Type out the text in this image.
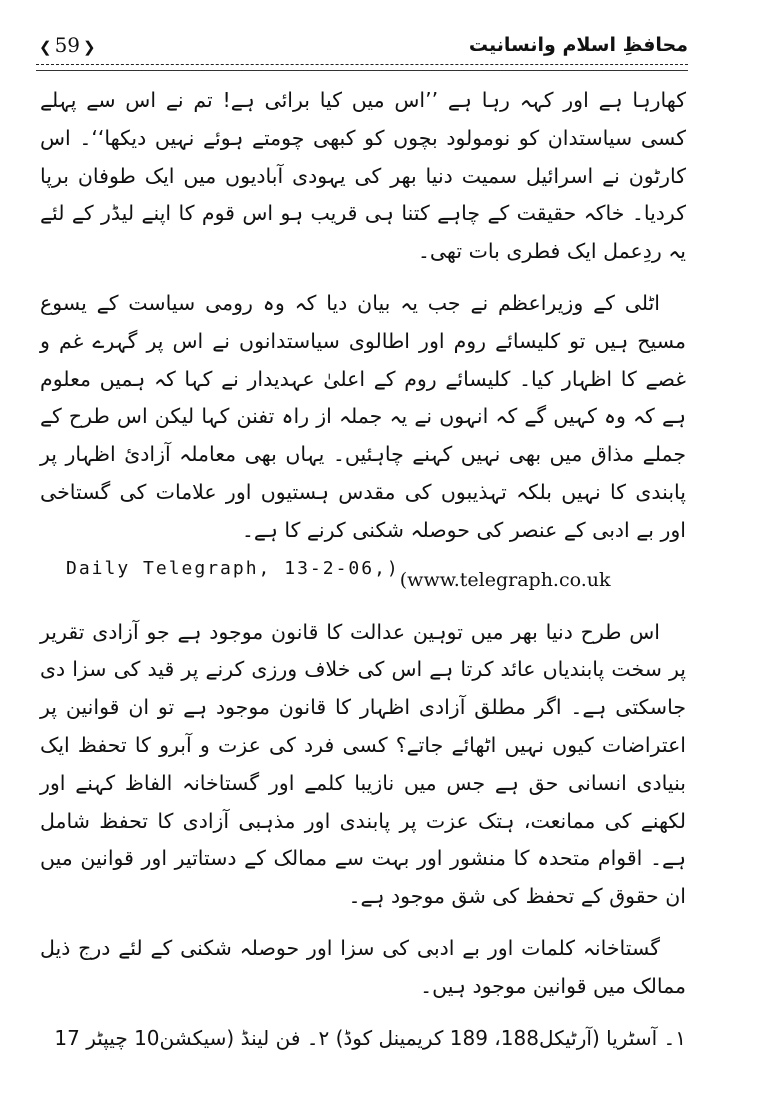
❮ 59 ❯	محافظِ اسلام وانسانیت

کھارہا ہے اور کہہ رہا ہے ’’اس میں کیا برائی ہے! تم نے اس سے پہلے کسی سیاستدان کو نومولود بچوں کو کبھی چومتے ہوئے نہیں دیکھا‘‘۔ اس کارٹون نے اسرائیل سمیت دنیا بھر کی یہودی آبادیوں میں ایک طوفان برپا کردیا۔ خاکہ حقیقت کے چاہے کتنا ہی قریب ہو اس قوم کا اپنے لیڈر کے لئے یہ ردِعمل ایک فطری بات تھی۔

اٹلی کے وزیراعظم نے جب یہ بیان دیا کہ وہ رومی سیاست کے یسوع مسیح ہیں تو کلیسائے روم اور اطالوی سیاستدانوں نے اس پر گہرے غم و غصے کا اظہار کیا۔ کلیسائے روم کے اعلیٰ عہدیدار نے کہا کہ ہمیں معلوم ہے کہ وہ کہیں گے کہ انہوں نے یہ جملہ از راہ تفنن کہا لیکن اس طرح کے جملے مذاق میں بھی نہیں کہنے چاہئیں۔ یہاں بھی معاملہ آزادیٔ اظہار پر پابندی کا نہیں بلکہ تہذیبوں کی مقدس ہستیوں اور علامات کی گستاخی اور بے ادبی کے عنصر کی حوصلہ شکنی کرنے کا ہے۔
Daily Telegraph, 13-2-06,)

(www.telegraph.co.uk

اس طرح دنیا بھر میں توہین عدالت کا قانون موجود ہے جو آزادی تقریر پر سخت پابندیاں عائد کرتا ہے اس کی خلاف ورزی کرنے پر قید کی سزا دی جاسکتی ہے۔ اگر مطلق آزادی اظہار کا قانون موجود ہے تو ان قوانین پر اعتراضات کیوں نہیں اٹھائے جاتے؟ کسی فرد کی عزت و آبرو کا تحفظ ایک بنیادی انسانی حق ہے جس میں نازیبا کلمے اور گستاخانہ الفاظ کہنے اور لکھنے کی ممانعت، ہتک عزت پر پابندی اور مذہبی آزادی کا تحفظ شامل ہے۔ اقوام متحدہ کا منشور اور بہت سے ممالک کے دستاتیر اور قوانین میں ان حقوق کے تحفظ کی شق موجود ہے۔

گستاخانہ کلمات اور بے ادبی کی سزا اور حوصلہ شکنی کے لئے درج ذیل ممالک میں قوانین موجود ہیں۔

۱۔ آسٹریا (آرٹیکل188، 189 کریمینل کوڈ) ۲۔ فن لینڈ (سیکشن10 چیپٹر 17
